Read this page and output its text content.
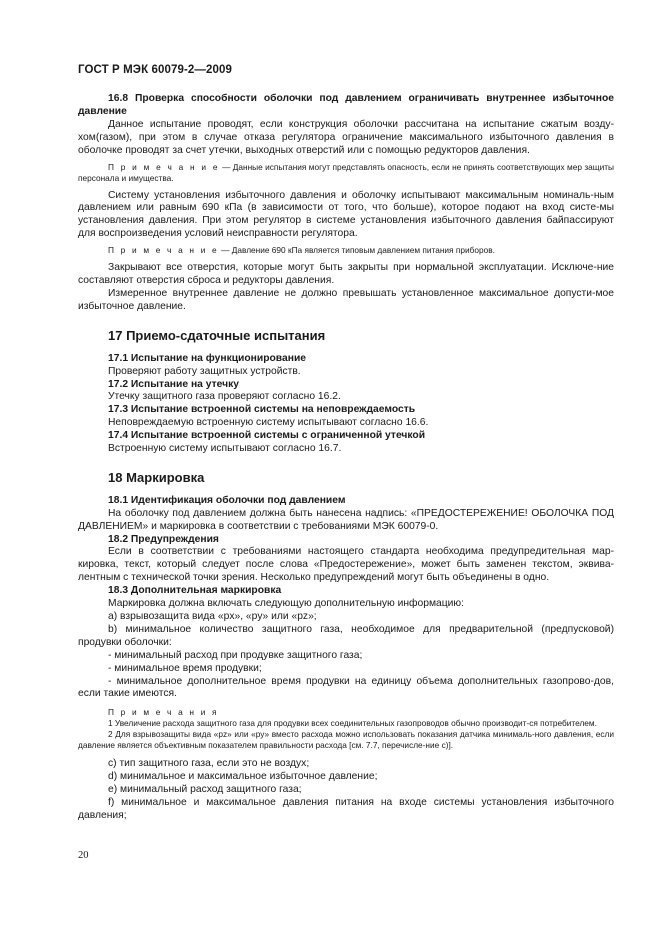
ГОСТ Р МЭК 60079-2—2009

16.8 Проверка способности оболочки под давлением ограничивать внутреннее избыточное давление

Данное испытание проводят, если конструкция оболочки рассчитана на испытание сжатым возду-хом(газом), при этом в случае отказа регулятора ограничение максимального избыточного давления в оболочке проводят за счет утечки, выходных отверстий или с помощью редукторов давления.

П р и м е ч а н и е — Данные испытания могут представлять опасность, если не принять соответствующих мер защиты персонала и имущества.

Систему установления избыточного давления и оболочку испытывают максимальным номиналь-ным давлением или равным 690 кПа (в зависимости от того, что больше), которое подают на вход систе-мы установления давления. При этом регулятор в системе установления избыточного давления байпассируют для воспроизведения условий неисправности регулятора.

П р и м е ч а н и е — Давление 690 кПа является типовым давлением питания приборов.

Закрывают все отверстия, которые могут быть закрыты при нормальной эксплуатации. Исключе-ние составляют отверстия сброса и редукторы давления.

Измеренное внутреннее давление не должно превышать установленное максимальное допусти-мое избыточное давление.

17 Приемо-сдаточные испытания

17.1 Испытание на функционирование

Проверяют работу защитных устройств.

17.2 Испытание на утечку

Утечку защитного газа проверяют согласно 16.2.

17.3 Испытание встроенной системы на неповреждаемость

Неповреждаемую встроенную систему испытывают согласно 16.6.

17.4 Испытание встроенной системы с ограниченной утечкой

Встроенную систему испытывают согласно 16.7.

18 Маркировка

18.1 Идентификация оболочки под давлением

На оболочку под давлением должна быть нанесена надпись: «ПРЕДОСТЕРЕЖЕНИЕ! ОБОЛОЧКА ПОД ДАВЛЕНИЕМ» и маркировка в соответствии с требованиями МЭК 60079-0.

18.2 Предупреждения

Если в соответствии с требованиями настоящего стандарта необходима предупредительная мар-кировка, текст, который следует после слова «Предостережение», может быть заменен текстом, эквива-лентным с технической точки зрения. Несколько предупреждений могут быть объединены в одно.

18.3 Дополнительная маркировка

Маркировка должна включать следующую дополнительную информацию:

a) взрывозащита вида «px», «py» или «pz»;

b) минимальное количество защитного газа, необходимое для предварительной (предпусковой) продувки оболочки:

- минимальный расход при продувке защитного газа;

- минимальное время продувки;

- минимальное дополнительное время продувки на единицу объема дополнительных газопрово-дов, если такие имеются.

П р и м е ч а н и я

1 Увеличение расхода защитного газа для продувки всех соединительных газопроводов обычно производит-ся потребителем.

2 Для взрывозащиты вида «pz» или «py» вместо расхода можно использовать показания датчика минималь-ного давления, если давление является объективным показателем правильности расхода [см. 7.7, перечисле-ние c)].

c) тип защитного газа, если это не воздух;

d) минимальное и максимальное избыточное давление;

e) минимальный расход защитного газа;

f) минимальное и максимальное давления питания на входе системы установления избыточного давления;

20
